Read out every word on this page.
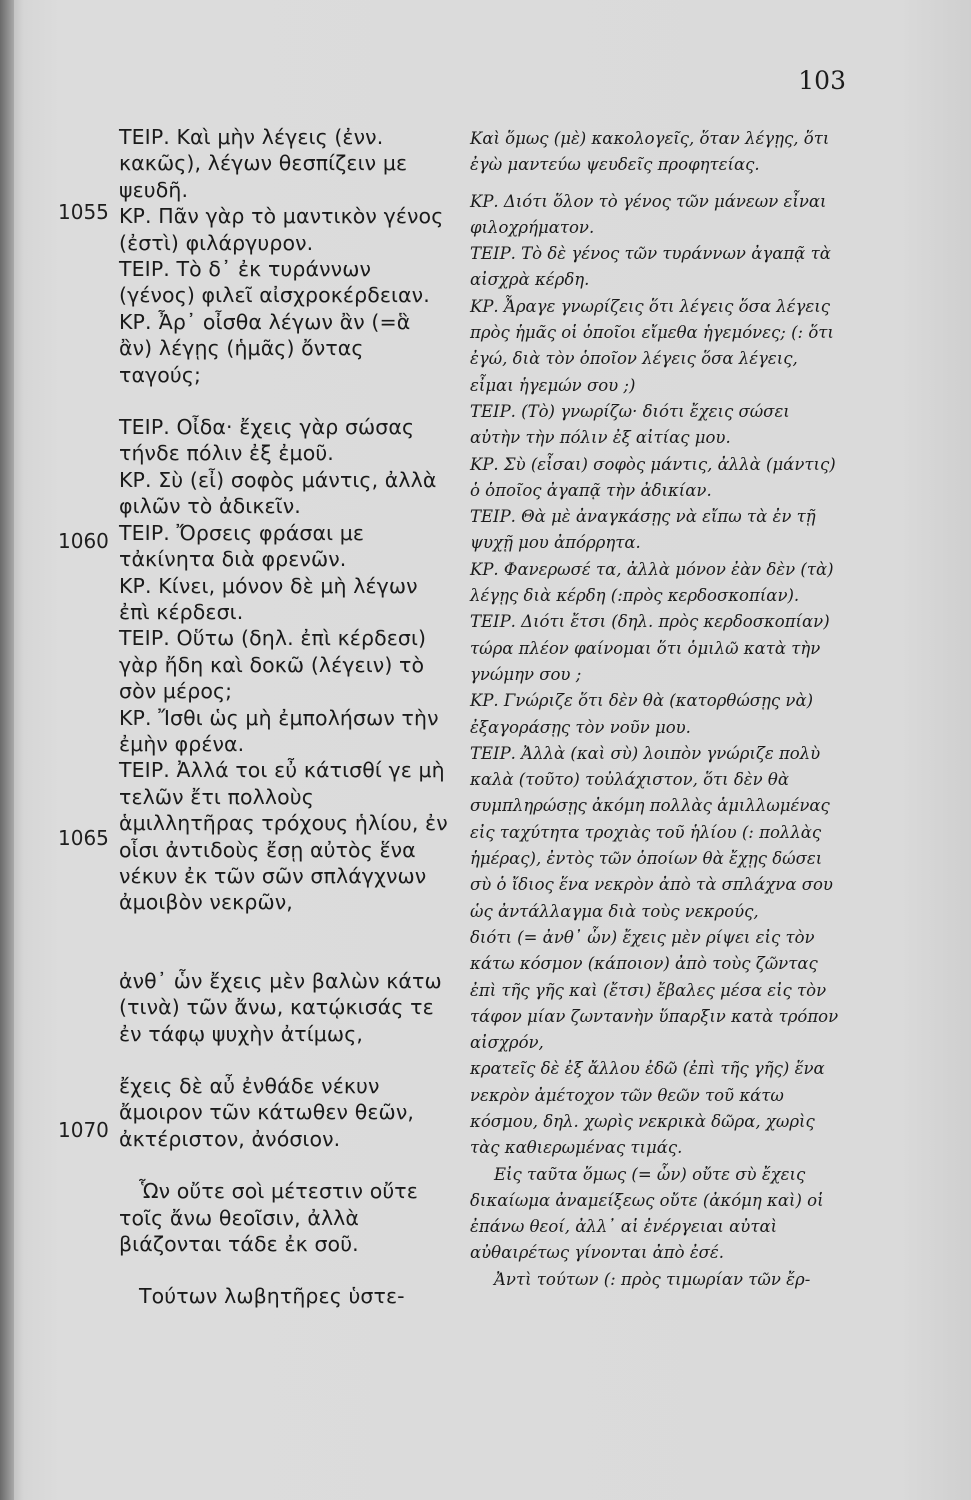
103
1055
1060
1065
1070

ΤΕΙΡ. Καὶ μὴν λέγεις (ἐνν. κακῶς), λέγων θεσπίζειν με ψευδῆ.

ΚΡ. Πᾶν γὰρ τὸ μαντικὸν γένος (ἐστὶ) φιλάργυρον.

ΤΕΙΡ. Τὸ δ᾽ ἐκ τυράννων (γένος) φιλεῖ αἰσχροκέρδειαν.

ΚΡ. Ἆρ᾽ οἶσθα λέγων ἂν (=ἃ ἂν) λέγῃς (ἡμᾶς) ὄντας ταγούς;

ΤΕΙΡ. Οἶδα· ἔχεις γὰρ σώσας τήνδε πόλιν ἐξ ἐμοῦ.

ΚΡ. Σὺ (εἶ) σοφὸς μάντις, ἀλλὰ φιλῶν τὸ ἀδικεῖν.

ΤΕΙΡ. Ὄρσεις φράσαι με τἀκίνητα διὰ φρενῶν.

ΚΡ. Κίνει, μόνον δὲ μὴ λέγων ἐπὶ κέρδεσι.

ΤΕΙΡ. Οὕτω (δηλ. ἐπὶ κέρδεσι) γὰρ ἤδη καὶ δοκῶ (λέγειν) τὸ σὸν μέρος;

ΚΡ. Ἴσθι ὡς μὴ ἐμπολήσων τὴν ἐμὴν φρένα.

ΤΕΙΡ. Ἀλλά τοι εὖ κάτισθί γε μὴ τελῶν ἔτι πολλοὺς ἁμιλλητῆρας τρόχους ἡλίου, ἐν οἷσι ἀντιδοὺς ἔσῃ αὐτὸς ἕνα νέκυν ἐκ τῶν σῶν σπλάγχνων ἀμοιβὸν νεκρῶν,

ἀνθ᾽ ὧν ἔχεις μὲν βαλὼν κάτω (τινὰ) τῶν ἄνω, κατῴκισάς τε ἐν τάφῳ ψυχὴν ἀτίμως,

ἔχεις δὲ αὖ ἐνθάδε νέκυν ἄμοιρον τῶν κάτωθεν θεῶν, ἀκτέριστον, ἀνόσιον.

Ὧν οὔτε σοὶ μέτεστιν οὔτε τοῖς ἄνω θεοῖσιν, ἀλλὰ βιάζονται τάδε ἐκ σοῦ.

Τούτων λωβητῆρες ὑστε-

Καὶ ὅμως (μὲ) κακολογεῖς, ὅταν λέγῃς, ὅτι ἐγὼ μαντεύω ψευδεῖς προφητείας.

ΚΡ. Διότι ὅλον τὸ γένος τῶν μάνεων εἶναι φιλοχρήματον.

ΤΕΙΡ. Τὸ δὲ γένος τῶν τυράννων ἀγαπᾷ τὰ αἰσχρὰ κέρδη.

ΚΡ. Ἆραγε γνωρίζεις ὅτι λέγεις ὅσα λέγεις πρὸς ἡμᾶς οἱ ὁποῖοι εἴμεθα ἡγεμόνες; (: ὅτι ἐγώ, διὰ τὸν ὁποῖον λέγεις ὅσα λέγεις, εἶμαι ἡγεμών σου ;)

ΤΕΙΡ. (Τὸ) γνωρίζω· διότι ἔχεις σώσει αὐτὴν τὴν πόλιν ἐξ αἰτίας μου.

ΚΡ. Σὺ (εἶσαι) σοφὸς μάντις, ἀλλὰ (μάντις) ὁ ὁποῖος ἀγαπᾷ τὴν ἀδικίαν.

ΤΕΙΡ. Θὰ μὲ ἀναγκάσῃς νὰ εἴπω τὰ ἐν τῇ ψυχῇ μου ἀπόρρητα.

ΚΡ. Φανερωσέ τα, ἀλλὰ μόνον ἐὰν δὲν (τὰ) λέγῃς διὰ κέρδη (:πρὸς κερδοσκοπίαν).

ΤΕΙΡ. Διότι ἔτσι (δηλ. πρὸς κερδοσκοπίαν) τώρα πλέον φαίνομαι ὅτι ὁμιλῶ κατὰ τὴν γνώμην σου ;

ΚΡ. Γνώριζε ὅτι δὲν θὰ (κατορθώσῃς νὰ) ἐξαγοράσῃς τὸν νοῦν μου.

ΤΕΙΡ. Ἀλλὰ (καὶ σὺ) λοιπὸν γνώριζε πολὺ καλὰ (τοῦτο) τοὐλάχιστον, ὅτι δὲν θὰ συμπληρώσῃς ἀκόμη πολλὰς ἁμιλλωμένας εἰς ταχύτητα τροχιὰς τοῦ ἡλίου (: πολλὰς ἡμέρας), ἐντὸς τῶν ὁποίων θὰ ἔχῃς δώσει σὺ ὁ ἴδιος ἕνα νεκρὸν ἀπὸ τὰ σπλάχνα σου ὡς ἀντάλλαγμα διὰ τοὺς νεκρούς,

διότι (= ἀνθ᾽ ὧν) ἔχεις μὲν ρίψει εἰς τὸν κάτω κόσμον (κάποιον) ἀπὸ τοὺς ζῶντας ἐπὶ τῆς γῆς καὶ (ἔτσι) ἔβαλες μέσα εἰς τὸν τάφον μίαν ζωντανὴν ὕπαρξιν κατὰ τρόπον αἰσχρόν,

κρατεῖς δὲ ἐξ ἄλλου ἐδῶ (ἐπὶ τῆς γῆς) ἕνα νεκρὸν ἀμέτοχον τῶν θεῶν τοῦ κάτω κόσμου, δηλ. χωρὶς νεκρικὰ δῶρα, χωρὶς τὰς καθιερωμένας τιμάς.

Εἰς ταῦτα ὅμως (= ὧν) οὔτε σὺ ἔχεις δικαίωμα ἀναμείξεως οὔτε (ἀκόμη καὶ) οἱ ἐπάνω θεοί, ἀλλ᾽ αἱ ἐνέργειαι αὐταὶ αὐθαιρέτως γίνονται ἀπὸ ἐσέ.

Ἀντὶ τούτων (: πρὸς τιμωρίαν τῶν ἔρ-
